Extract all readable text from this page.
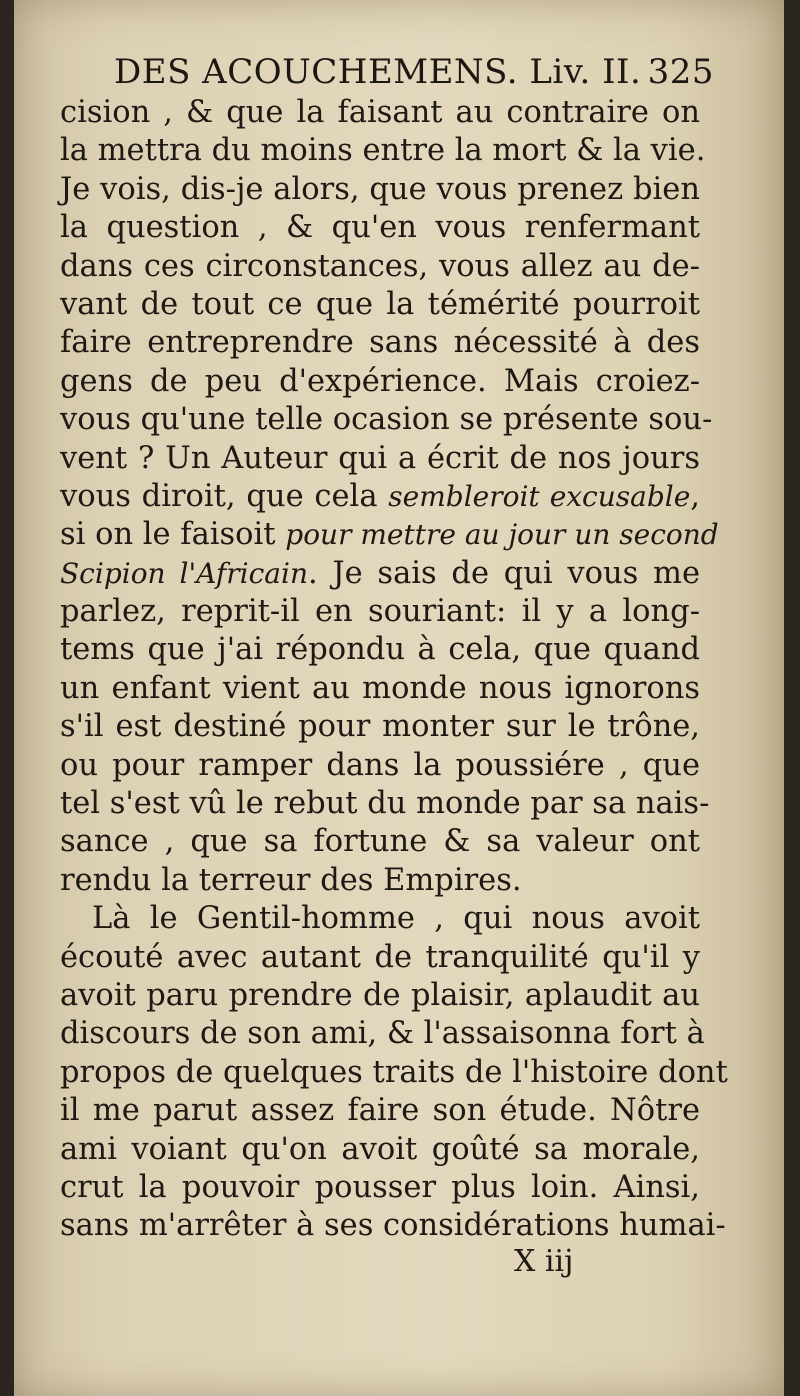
DES ACOUCHEMENS. Liv. II. 325
cision , & que la faisant au contraire on
la mettra du moins entre la mort & la vie.
Je vois, dis-je alors, que vous prenez bien
la question , & qu'en vous renfermant
dans ces circonstances, vous allez au de-
vant de tout ce que la témérité pourroit
faire entreprendre sans nécessité à des
gens de peu d'expérience. Mais croiez-
vous qu'une telle ocasion se présente sou-
vent ? Un Auteur qui a écrit de nos jours
vous diroit, que cela sembleroit excusable,
si on le faisoit pour mettre au jour un second
Scipion l'Africain. Je sais de qui vous me
parlez, reprit-il en souriant: il y a long-
tems que j'ai répondu à cela, que quand
un enfant vient au monde nous ignorons
s'il est destiné pour monter sur le trône,
ou pour ramper dans la poussiére , que
tel s'est vû le rebut du monde par sa nais-
sance , que sa fortune & sa valeur ont
rendu la terreur des Empires.
Là le Gentil-homme , qui nous avoit
écouté avec autant de tranquilité qu'il y
avoit paru prendre de plaisir, aplaudit au
discours de son ami, & l'assaisonna fort à
propos de quelques traits de l'histoire dont
il me parut assez faire son étude. Nôtre
ami voiant qu'on avoit goûté sa morale,
crut la pouvoir pousser plus loin. Ainsi,
sans m'arrêter à ses considérations humai-
X iij
